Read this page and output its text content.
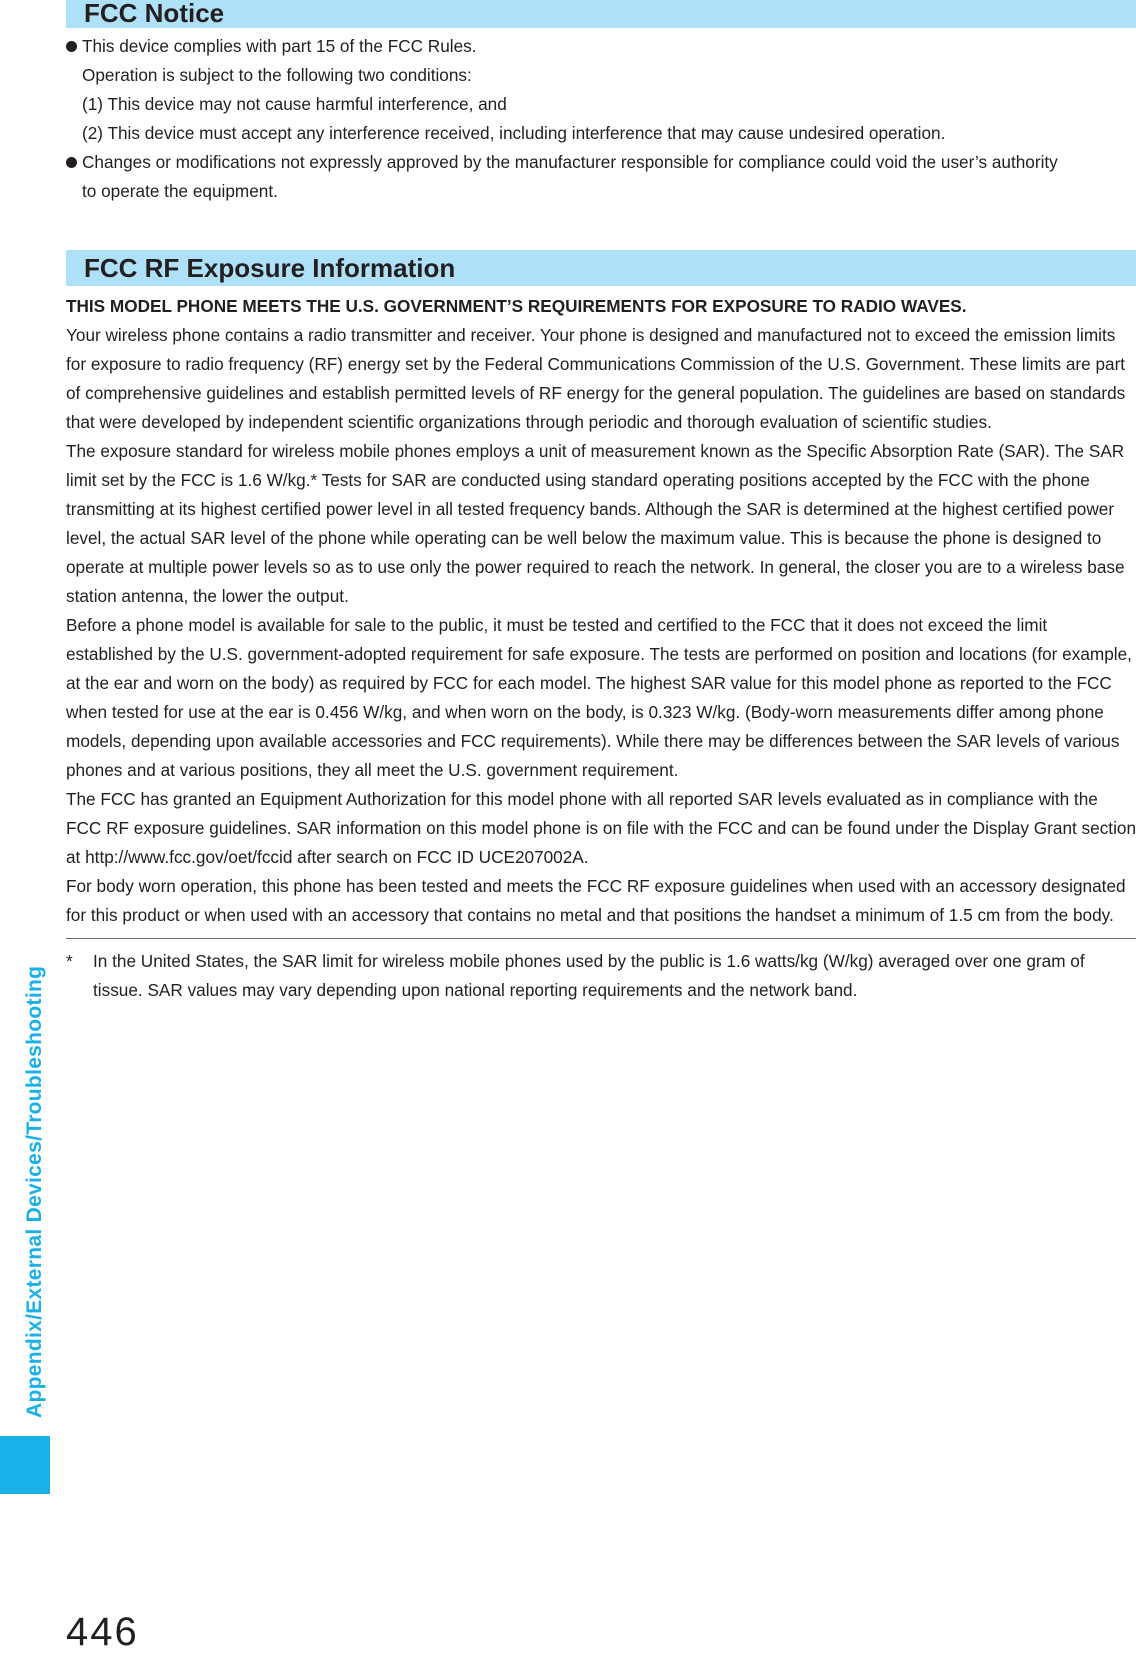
Appendix/External Devices/Troubleshooting
FCC Notice
This device complies with part 15 of the FCC Rules.
Operation is subject to the following two conditions:
(1) This device may not cause harmful interference, and
(2) This device must accept any interference received, including interference that may cause undesired operation.
Changes or modifications not expressly approved by the manufacturer responsible for compliance could void the user’s authority to operate the equipment.
FCC RF Exposure Information

THIS MODEL PHONE MEETS THE U.S. GOVERNMENT’S REQUIREMENTS FOR EXPOSURE TO RADIO WAVES.

Your wireless phone contains a radio transmitter and receiver. Your phone is designed and manufactured not to exceed the emission limits for exposure to radio frequency (RF) energy set by the Federal Communications Commission of the U.S. Government. These limits are part of comprehensive guidelines and establish permitted levels of RF energy for the general population. The guidelines are based on standards that were developed by independent scientific organizations through periodic and thorough evaluation of scientific studies.

The exposure standard for wireless mobile phones employs a unit of measurement known as the Specific Absorption Rate (SAR). The SAR limit set by the FCC is 1.6 W/kg.* Tests for SAR are conducted using standard operating positions accepted by the FCC with the phone transmitting at its highest certified power level in all tested frequency bands. Although the SAR is determined at the highest certified power level, the actual SAR level of the phone while operating can be well below the maximum value. This is because the phone is designed to operate at multiple power levels so as to use only the power required to reach the network. In general, the closer you are to a wireless base station antenna, the lower the output.

Before a phone model is available for sale to the public, it must be tested and certified to the FCC that it does not exceed the limit established by the U.S. government-adopted requirement for safe exposure. The tests are performed on position and locations (for example, at the ear and worn on the body) as required by FCC for each model. The highest SAR value for this model phone as reported to the FCC when tested for use at the ear is 0.456 W/kg, and when worn on the body, is 0.323 W/kg. (Body-worn measurements differ among phone models, depending upon available accessories and FCC requirements). While there may be differences between the SAR levels of various phones and at various positions, they all meet the U.S. government requirement.

The FCC has granted an Equipment Authorization for this model phone with all reported SAR levels evaluated as in compliance with the FCC RF exposure guidelines. SAR information on this model phone is on file with the FCC and can be found under the Display Grant section at http://www.fcc.gov/oet/fccid after search on FCC ID UCE207002A.

For body worn operation, this phone has been tested and meets the FCC RF exposure guidelines when used with an accessory designated for this product or when used with an accessory that contains no metal and that positions the handset a minimum of 1.5 cm from the body.

* In the United States, the SAR limit for wireless mobile phones used by the public is 1.6 watts/kg (W/kg) averaged over one gram of tissue. SAR values may vary depending upon national reporting requirements and the network band.
446
